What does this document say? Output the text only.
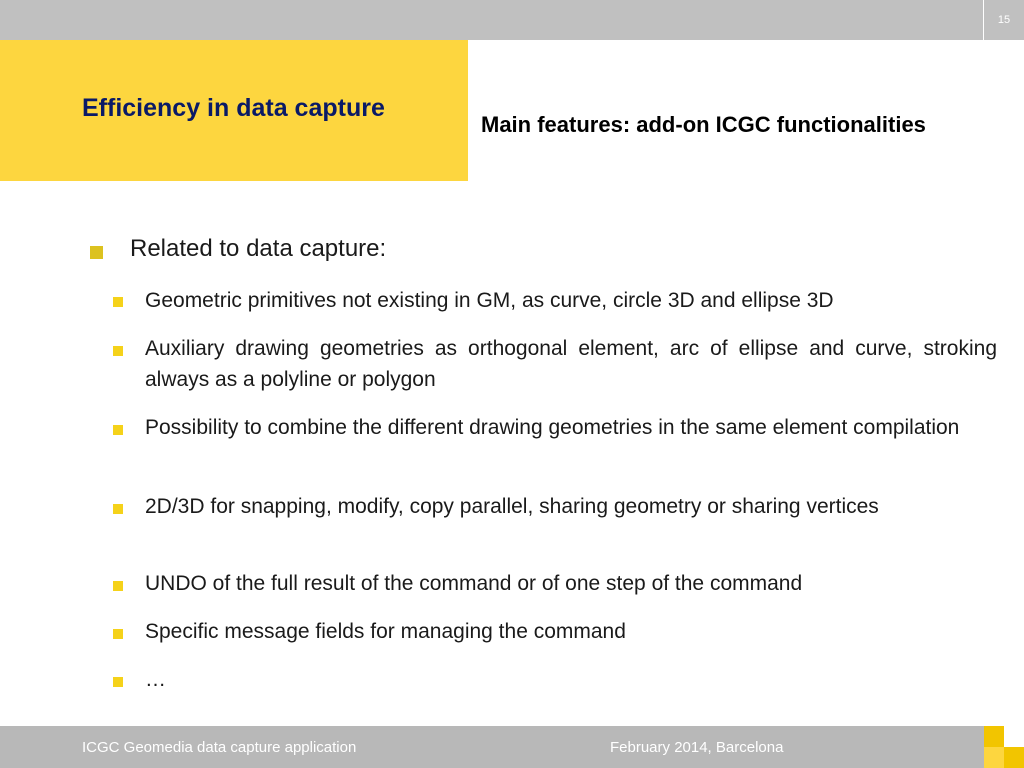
15
Efficiency in data capture
Main features: add-on ICGC functionalities
Related to data capture:
Geometric primitives not existing in GM, as curve, circle 3D and ellipse 3D
Auxiliary drawing geometries as orthogonal element, arc of ellipse and curve, stroking always as a polyline or polygon
Possibility to combine the different drawing geometries in the same element compilation
2D/3D for snapping, modify, copy parallel, sharing geometry or sharing vertices
UNDO of the full result of the command or of one step of the command
Specific message fields for managing the command
…
ICGC Geomedia data capture application	February 2014, Barcelona
